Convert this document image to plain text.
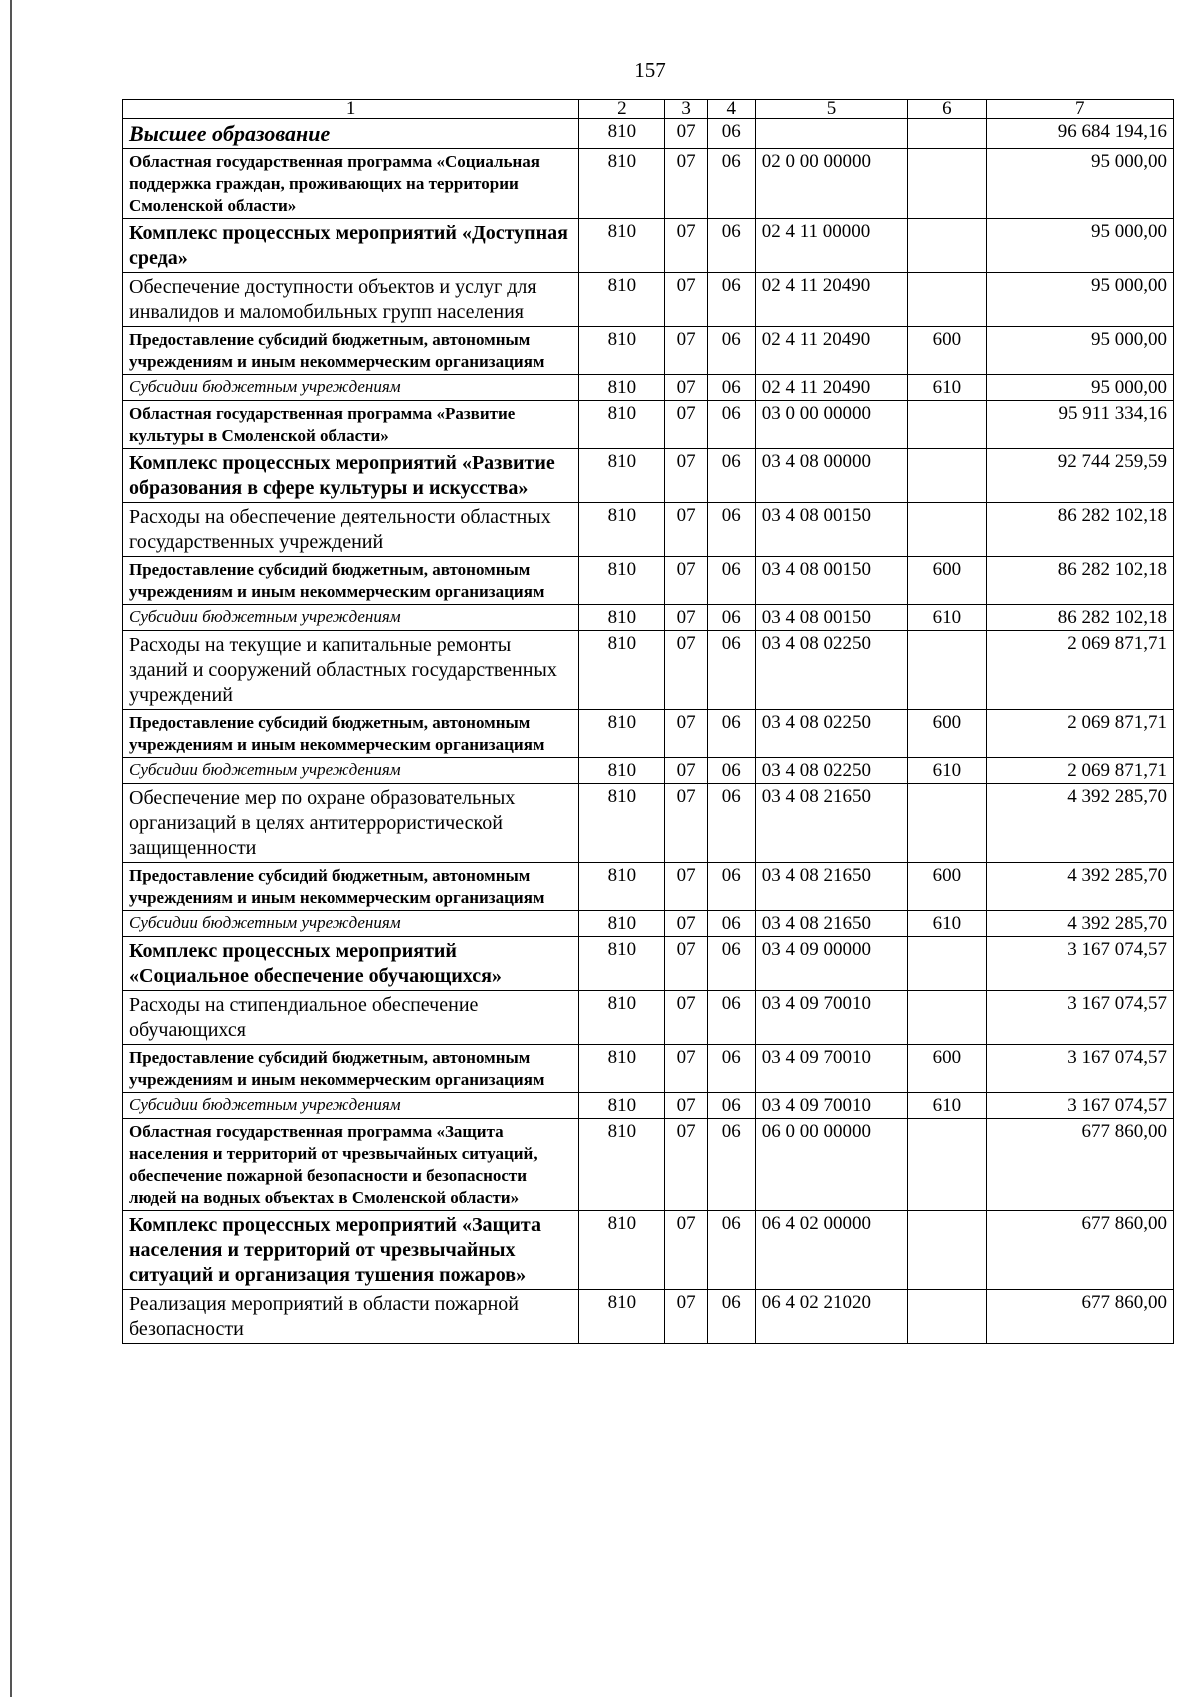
157
1	2	3	4	5	6	7
Высшее образование	810	07	06			96 684 194,16
Областная государственная программа «Социальная поддержка граждан, проживающих на территории Смоленской области»	810	07	06	02 0 00 00000		95 000,00
Комплекс процессных мероприятий «Доступная среда»	810	07	06	02 4 11 00000		95 000,00
Обеспечение доступности объектов и услуг для инвалидов и маломобильных групп населения	810	07	06	02 4 11 20490		95 000,00
Предоставление субсидий бюджетным, автономным учреждениям и иным некоммерческим организациям	810	07	06	02 4 11 20490	600	95 000,00
Субсидии бюджетным учреждениям	810	07	06	02 4 11 20490	610	95 000,00
Областная государственная программа «Развитие культуры в Смоленской области»	810	07	06	03 0 00 00000		95 911 334,16
Комплекс процессных мероприятий «Развитие образования в сфере культуры и искусства»	810	07	06	03 4 08 00000		92 744 259,59
Расходы на обеспечение деятельности областных государственных учреждений	810	07	06	03 4 08 00150		86 282 102,18
Предоставление субсидий бюджетным, автономным учреждениям и иным некоммерческим организациям	810	07	06	03 4 08 00150	600	86 282 102,18
Субсидии бюджетным учреждениям	810	07	06	03 4 08 00150	610	86 282 102,18
Расходы на текущие и капитальные ремонты зданий и сооружений областных государственных учреждений	810	07	06	03 4 08 02250		2 069 871,71
Предоставление субсидий бюджетным, автономным учреждениям и иным некоммерческим организациям	810	07	06	03 4 08 02250	600	2 069 871,71
Субсидии бюджетным учреждениям	810	07	06	03 4 08 02250	610	2 069 871,71
Обеспечение мер по охране образовательных организаций в целях антитеррористической защищенности	810	07	06	03 4 08 21650		4 392 285,70
Предоставление субсидий бюджетным, автономным учреждениям и иным некоммерческим организациям	810	07	06	03 4 08 21650	600	4 392 285,70
Субсидии бюджетным учреждениям	810	07	06	03 4 08 21650	610	4 392 285,70
Комплекс процессных мероприятий «Социальное обеспечение обучающихся»	810	07	06	03 4 09 00000		3 167 074,57
Расходы на стипендиальное обеспечение обучающихся	810	07	06	03 4 09 70010		3 167 074,57
Предоставление субсидий бюджетным, автономным учреждениям и иным некоммерческим организациям	810	07	06	03 4 09 70010	600	3 167 074,57
Субсидии бюджетным учреждениям	810	07	06	03 4 09 70010	610	3 167 074,57
Областная государственная программа «Защита населения и территорий от чрезвычайных ситуаций, обеспечение пожарной безопасности и безопасности людей на водных объектах в Смоленской области»	810	07	06	06 0 00 00000		677 860,00
Комплекс процессных мероприятий «Защита населения и территорий от чрезвычайных ситуаций и организация тушения пожаров»	810	07	06	06 4 02 00000		677 860,00
Реализация мероприятий в области пожарной безопасности	810	07	06	06 4 02 21020		677 860,00
